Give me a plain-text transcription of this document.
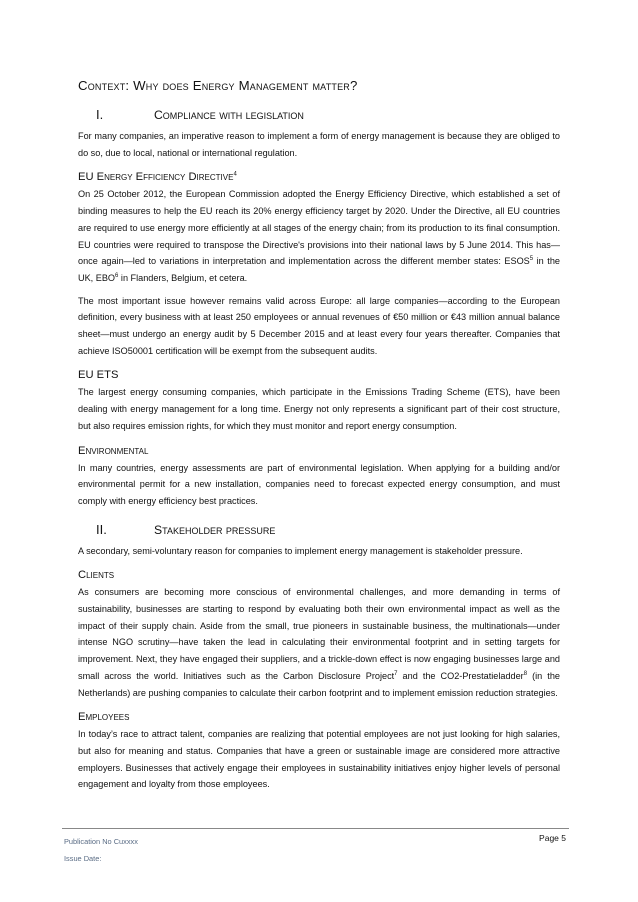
Context: Why does Energy Management matter?
I.	Compliance with legislation

For many companies, an imperative reason to implement a form of energy management is because they are obliged to do so, due to local, national or international regulation.

EU Energy Efficiency Directive$^4$

On 25 October 2012, the European Commission adopted the Energy Efficiency Directive, which established a set of binding measures to help the EU reach its 20% energy efficiency target by 2020. Under the Directive, all EU countries are required to use energy more efficiently at all stages of the energy chain; from its production to its final consumption. EU countries were required to transpose the Directive's provisions into their national laws by 5 June 2014. This has—once again—led to variations in interpretation and implementation across the different member states: ESOS$^5$ in the UK, EBO$^6$ in Flanders, Belgium, et cetera.

The most important issue however remains valid across Europe: all large companies—according to the European definition, every business with at least 250 employees or annual revenues of €50 million or €43 million annual balance sheet—must undergo an energy audit by 5 December 2015 and at least every four years thereafter. Companies that achieve ISO50001 certification will be exempt from the subsequent audits.

EU ETS

The largest energy consuming companies, which participate in the Emissions Trading Scheme (ETS), have been dealing with energy management for a long time. Energy not only represents a significant part of their cost structure, but also requires emission rights, for which they must monitor and report energy consumption.

Environmental

In many countries, energy assessments are part of environmental legislation. When applying for a building and/or environmental permit for a new installation, companies need to forecast expected energy consumption, and must comply with energy efficiency best practices.

II.	Stakeholder pressure

A secondary, semi-voluntary reason for companies to implement energy management is stakeholder pressure.

Clients

As consumers are becoming more conscious of environmental challenges, and more demanding in terms of sustainability, businesses are starting to respond by evaluating both their own environmental impact as well as the impact of their supply chain. Aside from the small, true pioneers in sustainable business, the multinationals—under intense NGO scrutiny—have taken the lead in calculating their environmental footprint and in setting targets for improvement. Next, they have engaged their suppliers, and a trickle-down effect is now engaging businesses large and small across the world. Initiatives such as the Carbon Disclosure Project$^7$ and the CO2-Prestatieladder$^8$ (in the Netherlands) are pushing companies to calculate their carbon footprint and to implement emission reduction strategies.

Employees

In today’s race to attract talent, companies are realizing that potential employees are not just looking for high salaries, but also for meaning and status. Companies that have a green or sustainable image are considered more attractive employers. Businesses that actively engage their employees in sustainability initiatives enjoy higher levels of personal engagement and loyalty from those employees.

Publication No Cuxxxx
Issue Date:
Page 5
